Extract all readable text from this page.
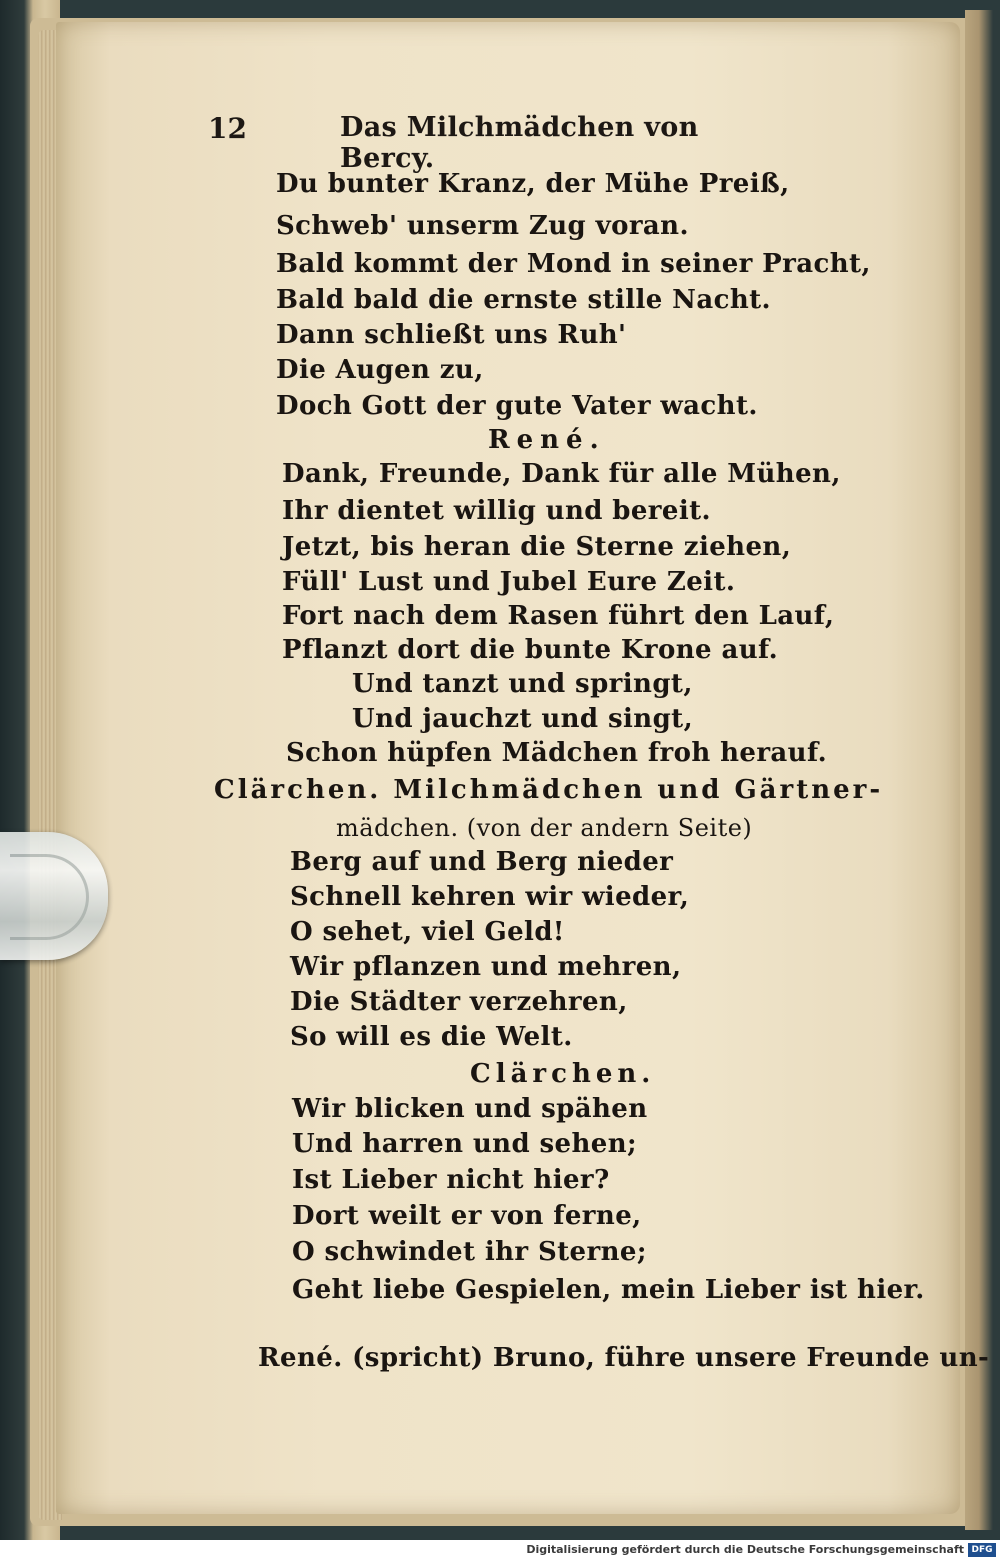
12	Das Milchmädchen von Bercy.
Du bunter Kranz, der Mühe Preiß,
Schweb' unserm Zug voran.
Bald kommt der Mond in seiner Pracht,
Bald bald die ernste stille Nacht.
Dann schließt uns Ruh'
Die Augen zu,
Doch Gott der gute Vater wacht.
René.
Dank, Freunde, Dank für alle Mühen,
Ihr dientet willig und bereit.
Jetzt, bis heran die Sterne ziehen,
Füll' Lust und Jubel Eure Zeit.
Fort nach dem Rasen führt den Lauf,
Pflanzt dort die bunte Krone auf.
Und tanzt und springt,
Und jauchzt und singt,
Schon hüpfen Mädchen froh herauf.
Clärchen. Milchmädchen und Gärtner-
mädchen. (von der andern Seite)
Berg auf und Berg nieder
Schnell kehren wir wieder,
O sehet, viel Geld!
Wir pflanzen und mehren,
Die Städter verzehren,
So will es die Welt.
Clärchen.
Wir blicken und spähen
Und harren und sehen;
Ist Lieber nicht hier?
Dort weilt er von ferne,
O schwindet ihr Sterne;
Geht liebe Gespielen, mein Lieber ist hier.
René. (spricht) Bruno, führe unsere Freunde un-
Digitalisierung gefördert durch die Deutsche Forschungsgemeinschaft DFG
